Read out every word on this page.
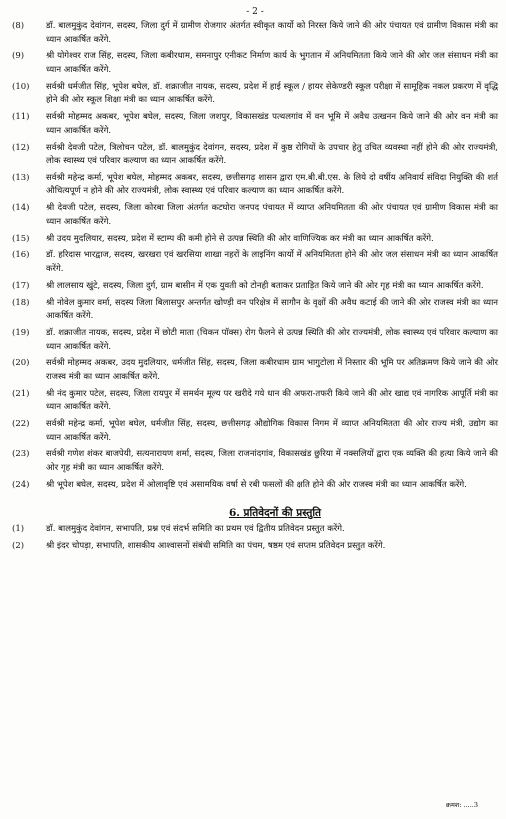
- 2 -
(8)	डॉ. बालमुकुंद देवांगन, सदस्य, जिला दुर्ग में ग्रामीण रोजगार अंतर्गत स्वीकृत कार्यो को निरस्त किये जाने की ओर पंचायत एवं ग्रामीण विकास मंत्री का ध्यान आकर्षित करेंगे.
(9)	श्री योगेश्वर राज सिंह, सदस्य, जिला कबीरधाम, समनापुर एनीकट निर्माण कार्य के भुगतान में अनियमितता किये जाने की ओर जल संसाधन मंत्री का ध्यान आकर्षित करेंगे.
(10)	सर्वश्री धर्मजीत सिंह, भूपेश बघेल, डॉ. शक्राजीत नायक, सदस्य, प्रदेश में हाई स्कूल / हायर सेकेण्डरी स्कूल परीक्षा में सामूहिक नकल प्रकरण में वृद्धि होने की ओर स्कूल शिक्षा मंत्री का ध्यान आकर्षित करेंगे.
(11)	सर्वश्री मोहम्मद अकबर, भूपेश बघेल, सदस्य, जिला जशपुर, विकासखंड पत्थलगांव में वन भूमि में अवैध उत्खनन किये जाने की ओर वन मंत्री का ध्यान आकर्षित करेंगे.
(12)	सर्वश्री देवजी पटेल, त्रिलोचन पटेल, डॉ. बालमुकुंद देवांगन, सदस्य, प्रदेश में कुष्ठ रोगियों के उपचार हेतु उचित व्यवस्था नहीं होने की ओर राज्यमंत्री, लोक स्वास्थ्य एवं परिवार कल्याण का ध्यान आकर्षित करेंगे.
(13)	सर्वश्री महेन्द्र कर्मा, भूपेश बघेल, मोहम्मद अकबर, सदस्य, छत्तीसगढ़ शासन द्वारा एम.बी.बी.एस. के लिये दो वर्षीय अनिवार्य संविदा नियुक्ति की शर्त औचित्यपूर्ण न होने की ओर राज्यमंत्री, लोक स्वास्थ्य एवं परिवार कल्याण का ध्यान आकर्षित करेंगे.
(14)	श्री देवजी पटेल, सदस्य, जिला कोरबा जिला अंतर्गत कटघोरा जनपद पंचायत में व्याप्त अनियमितता की ओर पंचायत एवं ग्रामीण विकास मंत्री का ध्यान आकर्षित करेंगे.
(15)	श्री उदय मुदलियार, सदस्य, प्रदेश में स्टाम्प की कमी होने से उत्पन्न स्थिति की ओर वाणिज्यिक कर मंत्री का ध्यान आकर्षित करेंगे.
(16)	डॉ. हरिदास भारद्वाज, सदस्य, खरखरा एवं खरसिया शाखा नहरों के लाइनिंग कार्यो में अनियमितता होने की ओर जल संसाधन मंत्री का ध्यान आकर्षित करेंगे.
(17)	श्री लालसाय खुंटे, सदस्य, जिला दुर्ग, ग्राम बासीन में एक युवती को टोनही बताकर प्रताड़ित किये जाने की ओर गृह मंत्री का ध्यान आकर्षित करेंगे.
(18)	श्री नोवेल कुमार वर्मा, सदस्य जिला बिलासपुर अन्तर्गत खोण्ड़ी वन परिक्षेत्र में सागौन के वृक्षों की अवैध कटाई की जाने की ओर राजस्व मंत्री का ध्यान आकर्षित करेंगे.
(19)	डॉ. शक्राजीत नायक, सदस्य, प्रदेश में छोटी माता (चिकन पॉक्स) रोग फैलने से उत्पन्न स्थिति की ओर राज्यमंत्री, लोक स्वास्थ्य एवं परिवार कल्याण का ध्यान आकर्षित करेंगे.
(20)	सर्वश्री मोहम्मद अकबर, उदय मुदलियार, धर्मजीत सिंह, सदस्य, जिला कबीरधाम ग्राम भागुटोला में निस्तार की भूमि पर अतिक्रमण किये जाने की ओर राजस्व मंत्री का ध्यान आकर्षित करेंगे.
(21)	श्री नंद कुमार पटेल, सदस्य, जिला रायपुर में समर्थन मूल्य पर खरीदे गये धान की अफरा-तफरी किये जाने की ओर खाद्य एवं नागरिक आपूर्ति मंत्री का ध्यान आकर्षित करेंगे.
(22)	सर्वश्री महेन्द्र कर्मा, भूपेश बघेल, धर्मजीत सिंह, सदस्य, छत्तीसगढ़ औद्योगिक विकास निगम में व्याप्त अनियमितता की ओर राज्य मंत्री, उद्योग का ध्यान आकर्षित करेंगे.
(23)	सर्वश्री गणेश शंकर बाजपेयी, सत्यनारायण शर्मा, सदस्य, जिला राजनांदगांव, विकासखंड छुरिया में नक्सलियों द्वारा एक व्यक्ति की हत्या किये जाने की ओर गृह मंत्री का ध्यान आकर्षित करेंगे.
(24)	श्री भूपेश बघेल, सदस्य, प्रदेश में ओलावृष्टि एवं असामयिक वर्षा से रबी फसलों की क्षति होने की ओर राजस्व मंत्री का ध्यान आकर्षित करेंगे.
6. प्रतिवेदनों की प्रस्तुति
(1)	डॉ. बालमुकुंद देवांगन, सभापति, प्रश्न एवं संदर्भ समिति का प्रथम एवं द्वितीय प्रतिवेदन प्रस्तुत करेंगे.
(2)	श्री इंदर चोपड़ा, सभापति, शासकीय आश्वासनों संबंधी समिति का पंचम, षष्ठम एवं सप्तम प्रतिवेदन प्रस्तुत करेंगे.
क्रमश: .....3
